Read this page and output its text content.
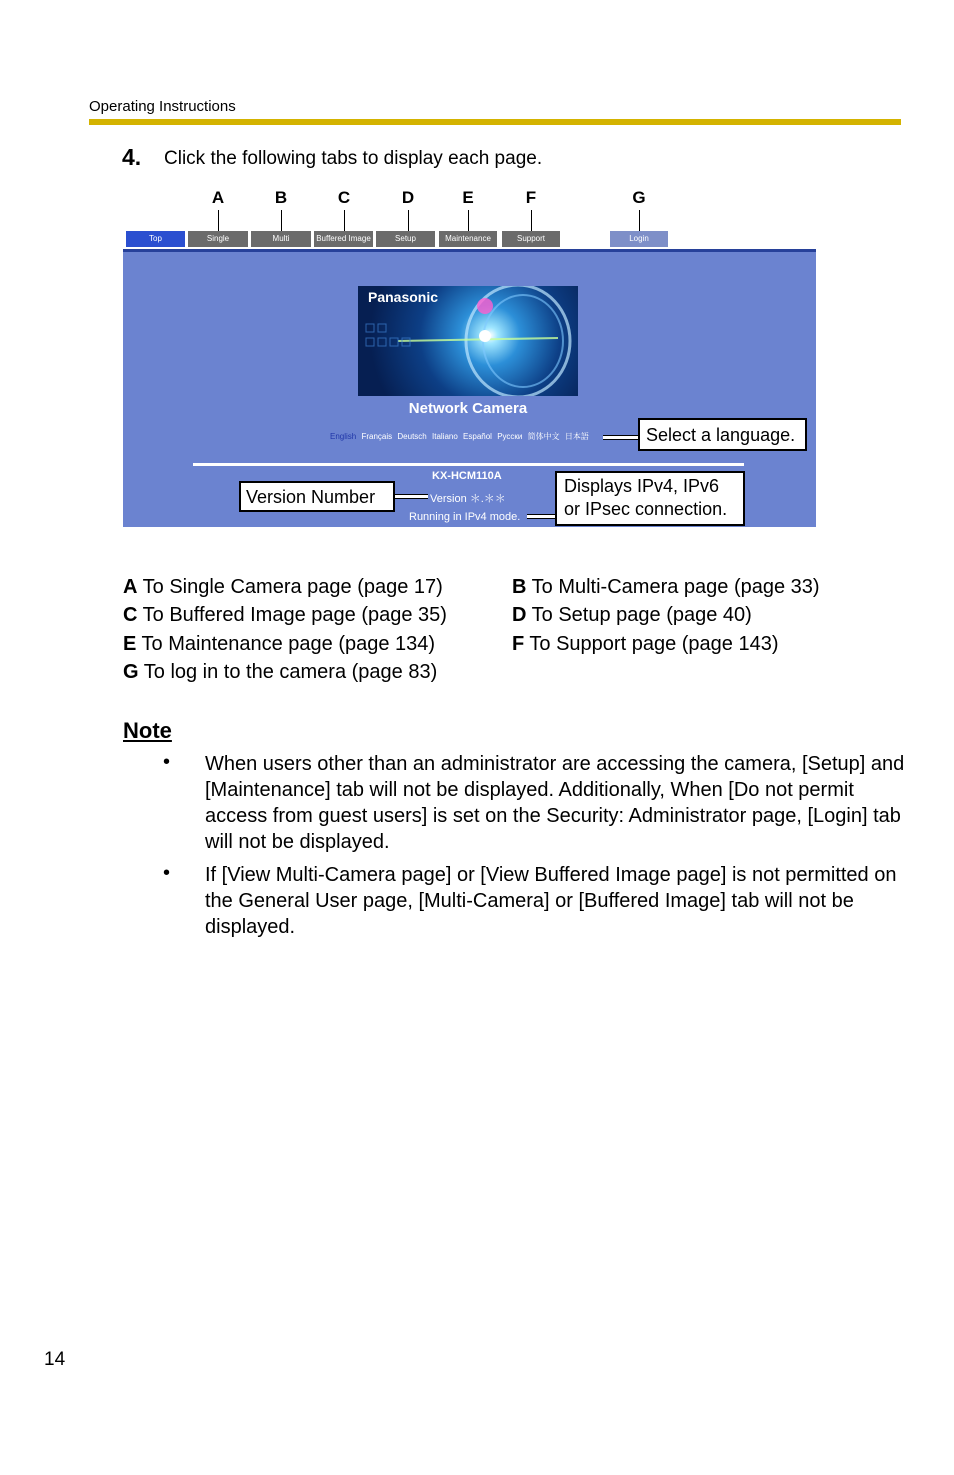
Operating Instructions
4. Click the following tabs to display each page.
A	B	C	D	E	F	G
Top	Single	Multi	Buffered Image	Setup	Maintenance	Support	Login
Panasonic
Network Camera
English Français Deutsch Italiano Español Русски 简体中文 日本語	Select a language.
KX-HCM110A
Version ＊.＊＊
Running in IPv4 mode.
Version Number
Displays IPv4, IPv6
or IPsec connection.
A To Single Camera page (page 17)	B To Multi-Camera page (page 33)
C To Buffered Image page (page 35)	D To Setup page (page 40)
E To Maintenance page (page 134)	F To Support page (page 143)
G To log in to the camera (page 83)
Note
• When users other than an administrator are accessing the camera, [Setup] and [Maintenance] tab will not be displayed. Additionally, When [Do not permit access from guest users] is set on the Security: Administrator page, [Login] tab will not be displayed.
• If [View Multi-Camera page] or [View Buffered Image page] is not permitted on the General User page, [Multi-Camera] or [Buffered Image] tab will not be displayed.
14
